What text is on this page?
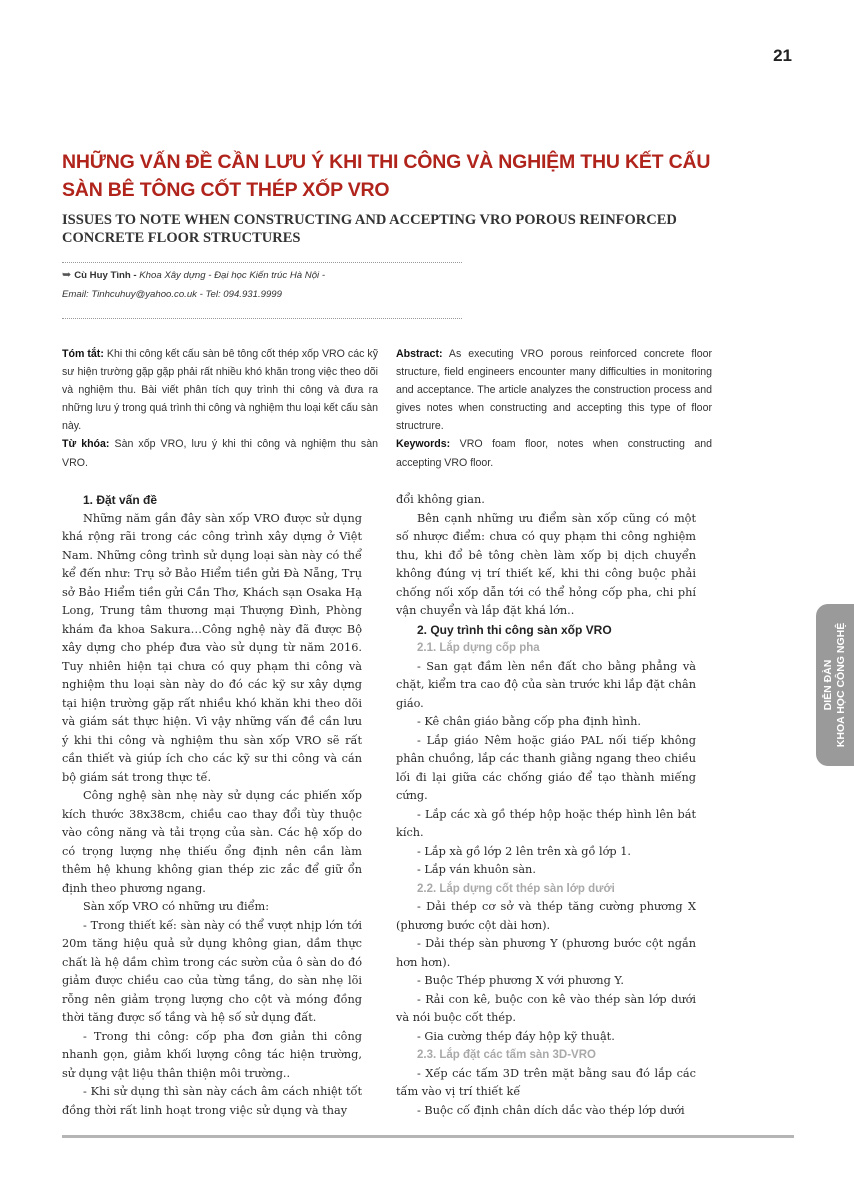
21
NHỮNG VẤN ĐỀ CẦN LƯU Ý KHI THI CÔNG VÀ NGHIỆM THU KẾT CẤU SÀN BÊ TÔNG CỐT THÉP XỐP VRO
ISSUES TO NOTE WHEN CONSTRUCTING AND ACCEPTING VRO POROUS REINFORCED CONCRETE FLOOR STRUCTURES
➥ Cù Huy Tình - Khoa Xây dựng - Đại học Kiến trúc Hà Nội -
Email: Tinhcuhuy@yahoo.co.uk - Tel: 094.931.9999

Tóm tắt: Khi thi công kết cấu sàn bê tông cốt thép xốp VRO các kỹ sư hiện trường gặp gặp phải rất nhiều khó khăn trong việc theo dõi và nghiệm thu. Bài viết phân tích quy trình thi công và đưa ra những lưu ý trong quá trình thi công và nghiệm thu loại kết cấu sàn này.

Từ khóa: Sàn xốp VRO, lưu ý khi thi công và nghiệm thu sàn VRO.

Abstract: As executing VRO porous reinforced concrete floor structure, field engineers encounter many difficulties in monitoring and acceptance. The article analyzes the construction process and gives notes when constructing and accepting this type of floor structrure.

Keywords: VRO foam floor, notes when constructing and accepting VRO floor.

1. Đặt vấn đề

Những năm gần đây sàn xốp VRO được sử dụng khá rộng rãi trong các công trình xây dựng ở Việt Nam. Những công trình sử dụng loại sàn này có thể kể đến như: Trụ sở Bảo Hiểm tiền gửi Đà Nẵng, Trụ sở Bảo Hiểm tiền gửi Cần Thơ, Khách sạn Osaka Hạ Long, Trung tâm thương mại Thượng Đình, Phòng khám đa khoa Sakura…Công nghệ này đã được Bộ xây dựng cho phép đưa vào sử dụng từ năm 2016. Tuy nhiên hiện tại chưa có quy phạm thi công và nghiệm thu loại sàn này do đó các kỹ sư xây dựng tại hiện trường gặp rất nhiều khó khăn khi theo dõi và giám sát thực hiện. Vì vậy những vấn đề cần lưu ý khi thi công và nghiệm thu sàn xốp VRO sẽ rất cần thiết và giúp ích cho các kỹ sư thi công và cán bộ giám sát trong thực tế.

Công nghệ sàn nhẹ này sử dụng các phiến xốp kích thước 38x38cm, chiều cao thay đổi tùy thuộc vào công năng và tải trọng của sàn. Các hệ xốp do có trọng lượng nhẹ thiếu ổng định nên cần làm thêm hệ khung không gian thép zic zắc để giữ ổn định theo phương ngang.

Sàn xốp VRO có những ưu điểm:

- Trong thiết kế: sàn này có thể vượt nhịp lớn tới 20m tăng hiệu quả sử dụng không gian, dầm thực chất là hệ dầm chìm trong các sườn của ô sàn do đó giảm được chiều cao của từng tầng, do sàn nhẹ lõi rỗng nên giảm trọng lượng cho cột và móng đồng thời tăng được số tầng và hệ số sử dụng đất.

- Trong thi công: cốp pha đơn giản thi công nhanh gọn, giảm khối lượng công tác hiện trường, sử dụng vật liệu thân thiện môi trường..

- Khi sử dụng thì sàn này cách âm cách nhiệt tốt đồng thời rất linh hoạt trong việc sử dụng và thay

đổi không gian.

Bên cạnh những ưu điểm sàn xốp cũng có một số nhược điểm: chưa có quy phạm thi công nghiệm thu, khi đổ bê tông chèn làm xốp bị dịch chuyển không đúng vị trí thiết kế, khi thi công buộc phải chống nối xốp dẫn tới có thể hỏng cốp pha, chi phí vận chuyển và lắp đặt khá lớn..

2. Quy trình thi công sàn xốp VRO

2.1. Lắp dựng cốp pha

- San gạt đầm lèn nền đất cho bằng phẳng và chặt, kiểm tra cao độ của sàn trước khi lắp đặt chân giáo.

- Kê chân giáo bằng cốp pha định hình.

- Lắp giáo Nêm hoặc giáo PAL nối tiếp không phân chuồng, lắp các thanh giằng ngang theo chiều lối đi lại giữa các chống giáo để tạo thành miếng cứng.

- Lắp các xà gồ thép hộp hoặc thép hình lên bát kích.

- Lắp xà gồ lớp 2 lên trên xà gồ lớp 1.

- Lắp ván khuôn sàn.

2.2. Lắp dựng cốt thép sàn lớp dưới

- Dải thép cơ sở và thép tăng cường phương X (phương bước cột dài hơn).

- Dải thép sàn phương Y (phương bước cột ngắn hơn hơn).

- Buộc Thép phương X với phương Y.

- Rải con kê, buộc con kê vào thép sàn lớp dưới và nói buộc cốt thép.

- Gia cường thép đáy hộp kỹ thuật.

2.3. Lắp đặt các tấm sàn 3D-VRO

- Xếp các tấm 3D trên mặt bằng sau đó lắp các tấm vào vị trí thiết kế

- Buộc cố định chân dích dắc vào thép lớp dưới

DIỄN ĐÀN KHOA HỌC CÔNG NGHỆ
